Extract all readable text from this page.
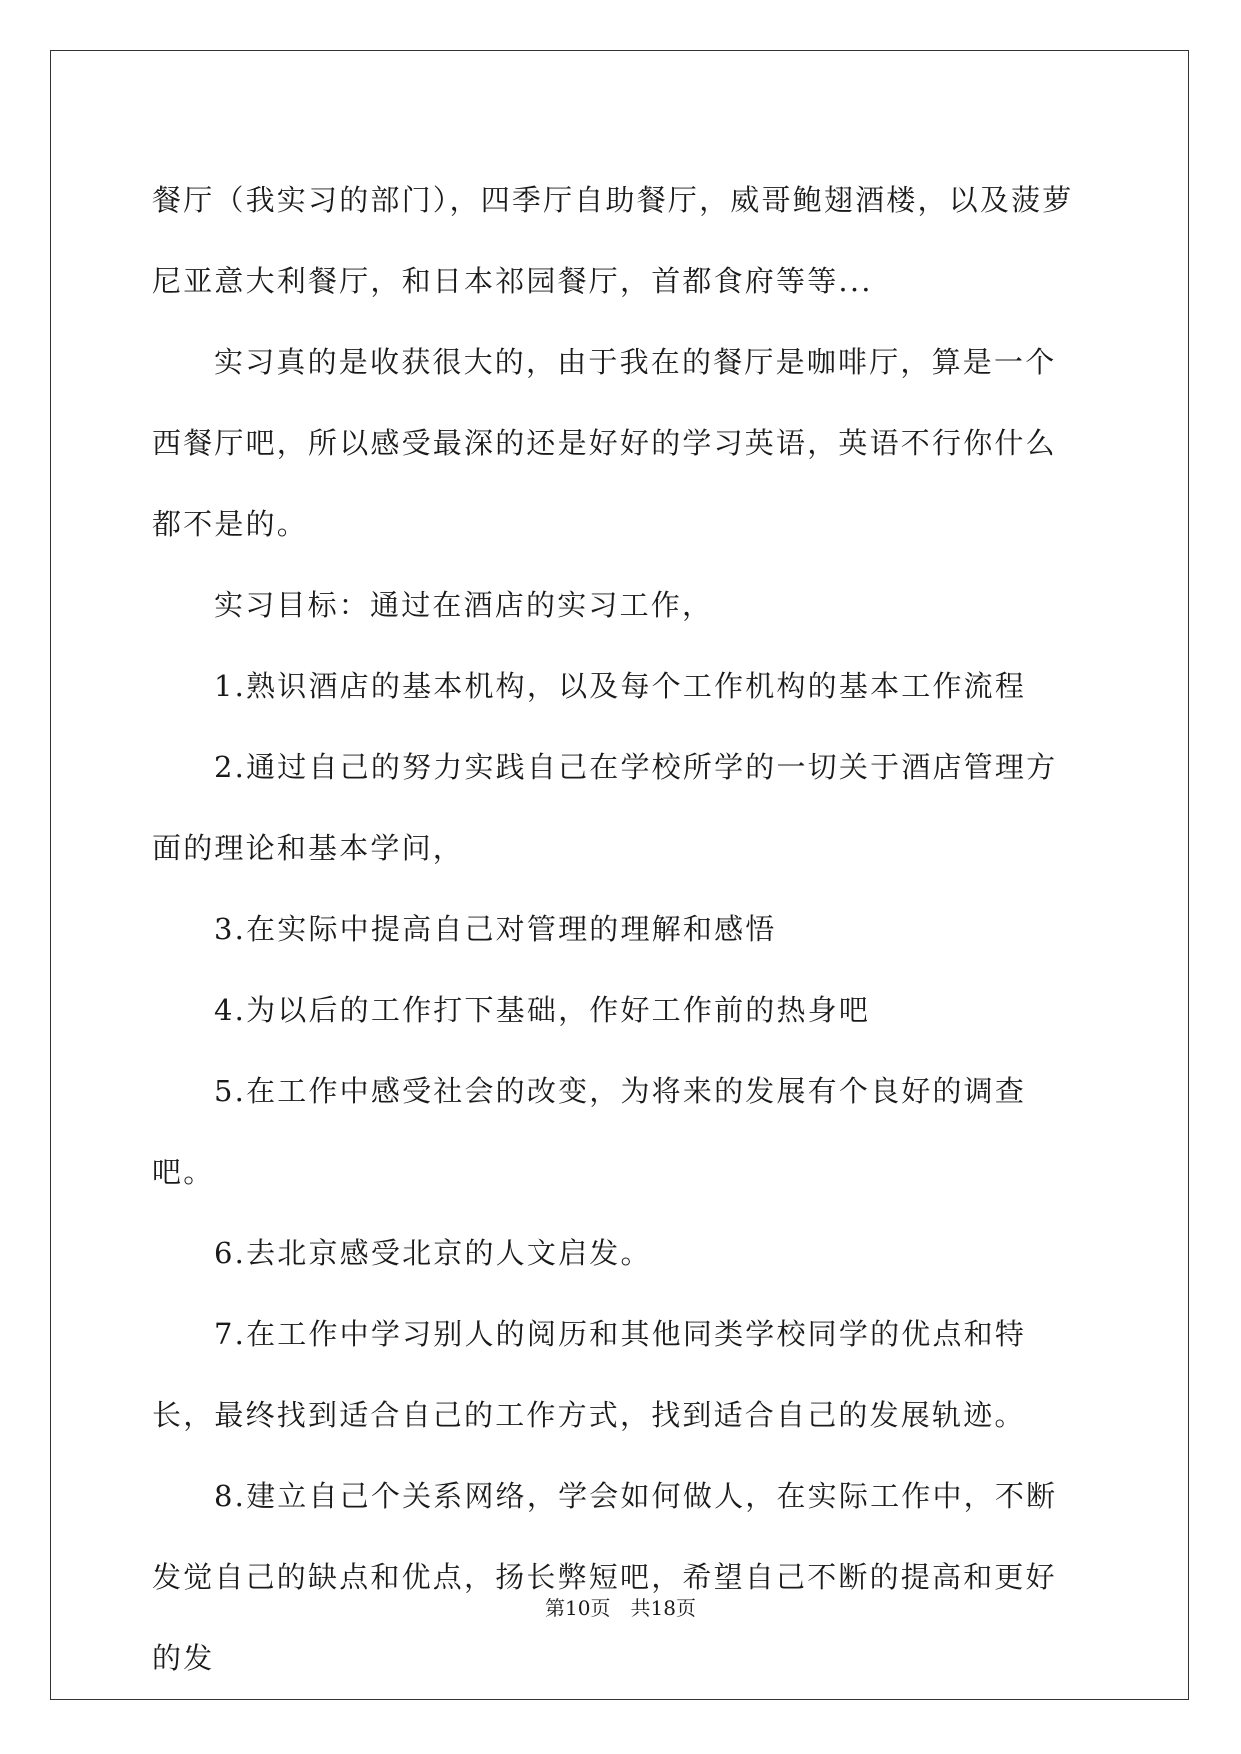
餐厅（我实习的部门），四季厅自助餐厅，威哥鲍翅酒楼，以及菠萝尼亚意大利餐厅，和日本祁园餐厅，首都食府等等...

实习真的是收获很大的，由于我在的餐厅是咖啡厅，算是一个西餐厅吧，所以感受最深的还是好好的学习英语，英语不行你什么都不是的。

实习目标：通过在酒店的实习工作，

1.熟识酒店的基本机构，以及每个工作机构的基本工作流程

2.通过自己的努力实践自己在学校所学的一切关于酒店管理方面的理论和基本学问，

3.在实际中提高自己对管理的理解和感悟

4.为以后的工作打下基础，作好工作前的热身吧

5.在工作中感受社会的改变，为将来的发展有个良好的调查吧。

6.去北京感受北京的人文启发。

7.在工作中学习别人的阅历和其他同类学校同学的优点和特长，最终找到适合自己的工作方式，找到适合自己的发展轨迹。

8.建立自己个关系网络，学会如何做人，在实际工作中，不断发觉自己的缺点和优点，扬长弊短吧，希望自己不断的提高和更好的发

第10页　共18页
